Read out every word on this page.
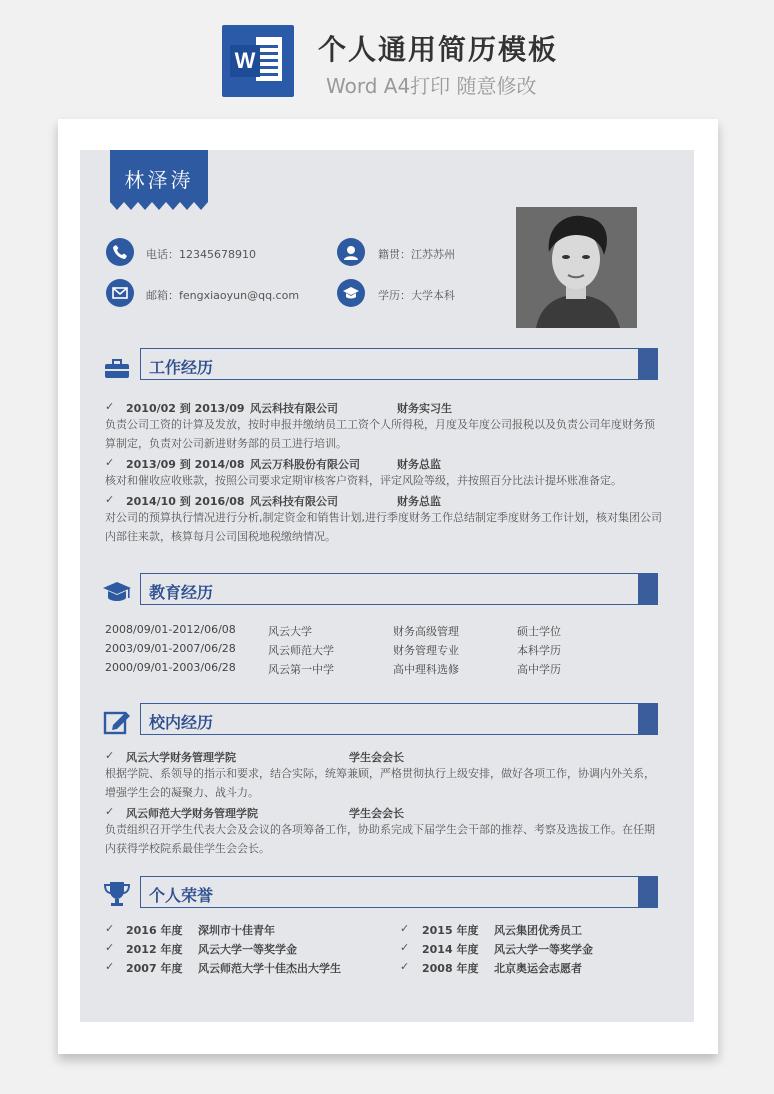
W 个人通用简历模板
Word A4打印 随意修改
林泽涛
电话：12345678910
邮箱：fengxiaoyun@qq.com
籍贯：江苏苏州
学历：大学本科
工作经历
✓ 2010/02 到 2013/09 风云科技有限公司	财务实习生
负责公司工资的计算及发放，按时申报并缴纳员工工资个人所得税，月度及年度公司报税以及负责公司年度财务预算制定，负责对公司新进财务部的员工进行培训。
✓ 2013/09 到 2014/08 风云万科股份有限公司	财务总监
核对和催收应收账款，按照公司要求定期审核客户资料，评定风险等级，并按照百分比法计提坏账准备定。
✓ 2014/10 到 2016/08 风云科技有限公司	财务总监
对公司的预算执行情况进行分析,制定资金和销售计划,进行季度财务工作总结制定季度财务工作计划，核对集团公司内部往来款，核算每月公司国税地税缴纳情况。
教育经历
2008/09/01-2012/06/08	风云大学	财务高级管理	硕士学位
2003/09/01-2007/06/28	风云师范大学	财务管理专业	本科学历
2000/09/01-2003/06/28	风云第一中学	高中理科选修	高中学历
校内经历
✓ 风云大学财务管理学院	学生会会长
根据学院、系领导的指示和要求，结合实际，统筹兼顾，严格贯彻执行上级安排，做好各项工作，协调内外关系，增强学生会的凝聚力、战斗力。
✓ 风云师范大学财务管理学院	学生会会长
负责组织召开学生代表大会及会议的各项筹备工作，协助系完成下届学生会干部的推荐、考察及选拔工作。在任期内获得学校院系最佳学生会会长。
个人荣誉
✓ 2016 年度 深圳市十佳青年	✓ 2015 年度 风云集团优秀员工
✓ 2012 年度 风云大学一等奖学金	✓ 2014 年度 风云大学一等奖学金
✓ 2007 年度 风云师范大学十佳杰出大学生	✓ 2008 年度 北京奥运会志愿者
